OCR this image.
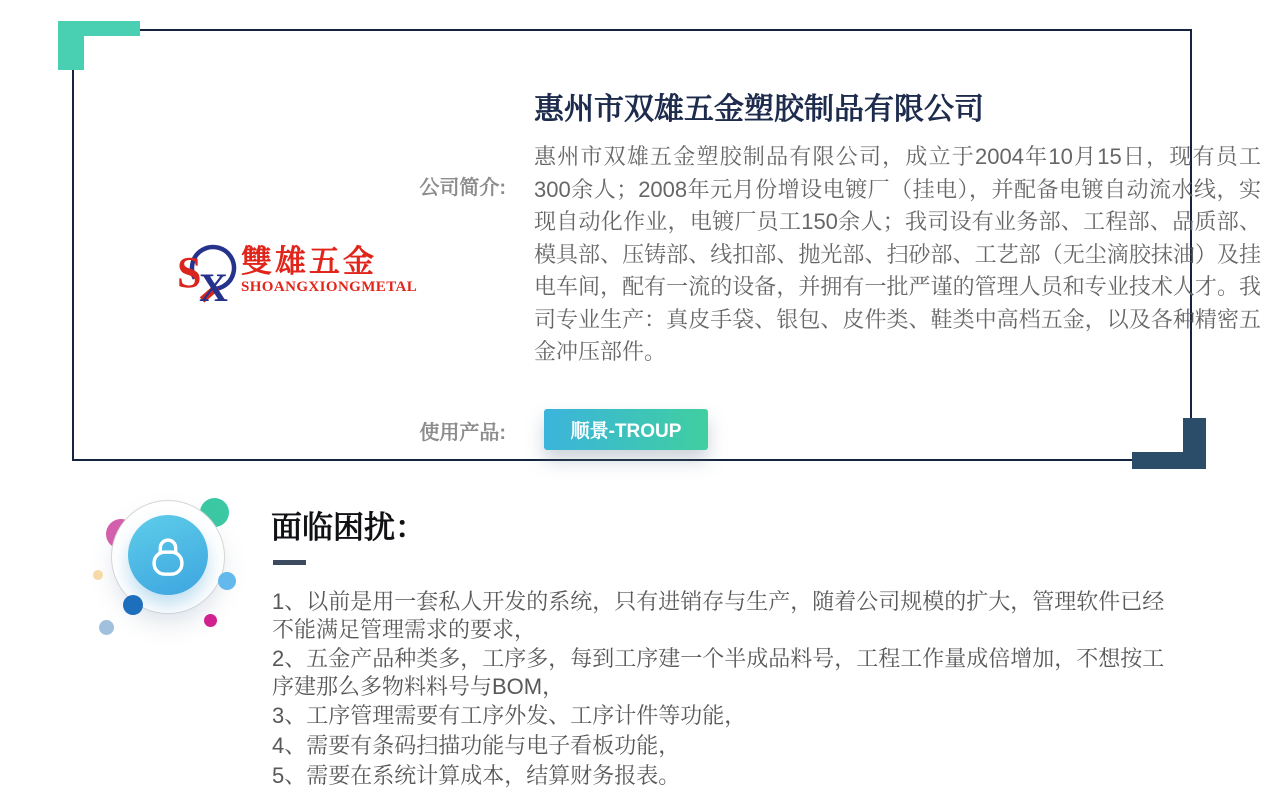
S
X
雙雄五金
SHOANGXIONGMETAL
公司简介:
使用产品:
惠州市双雄五金塑胶制品有限公司
惠州市双雄五金塑胶制品有限公司，成立于2004年10月15日，现有员工300余人；2008年元月份增设电镀厂（挂电），并配备电镀自动流水线，实现自动化作业，电镀厂员工150余人；我司设有业务部、工程部、品质部、模具部、压铸部、线扣部、抛光部、扫砂部、工艺部（无尘滴胶抹油）及挂电车间，配有一流的设备，并拥有一批严谨的管理人员和专业技术人才。我司专业生产：真皮手袋、银包、皮件类、鞋类中高档五金，以及各种精密五金冲压部件。
顺景-TROUP
面临困扰：

1、以前是用一套私人开发的系统，只有进销存与生产，随着公司规模的扩大，管理软件已经不能满足管理需求的要求，

2、五金产品种类多，工序多，每到工序建一个半成品料号，工程工作量成倍增加，不想按工序建那么多物料料号与BOM，

3、工序管理需要有工序外发、工序计件等功能，

4、需要有条码扫描功能与电子看板功能，

5、需要在系统计算成本，结算财务报表。
